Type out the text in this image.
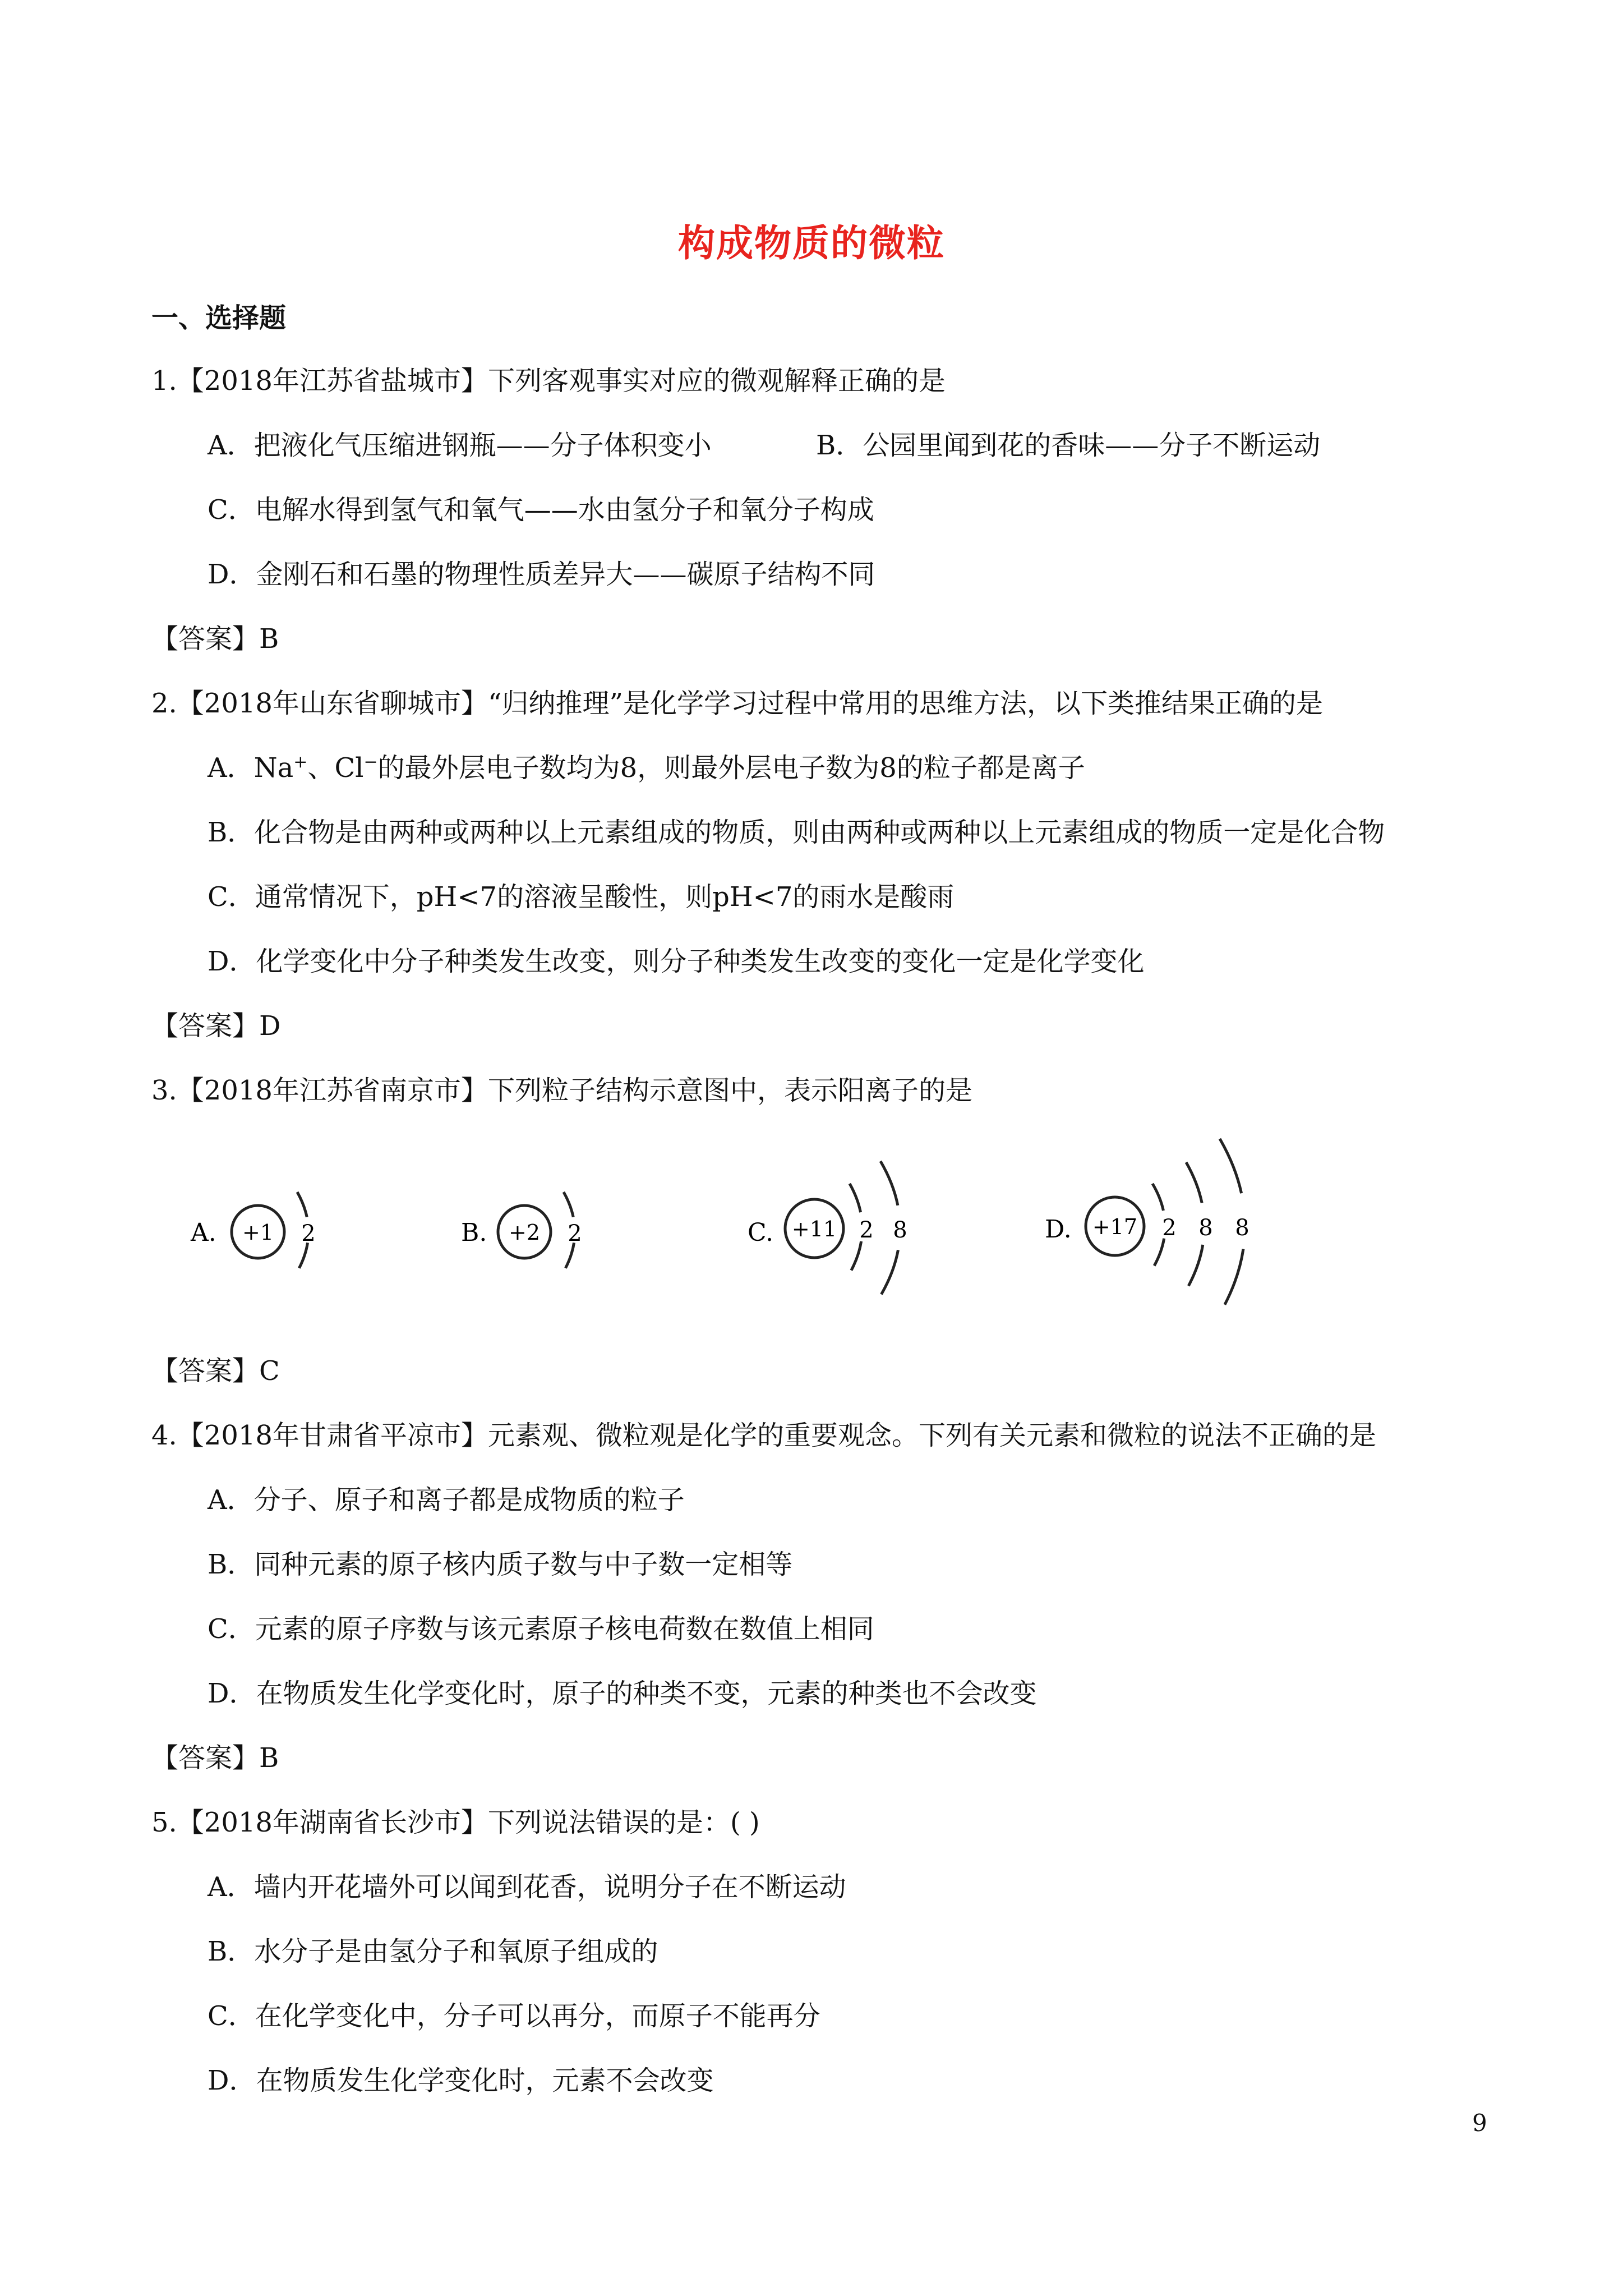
构成物质的微粒
一、选择题
1.【2018年江苏省盐城市】下列客观事实对应的微观解释正确的是
A．把液化气压缩进钢瓶——分子体积变小	B．公园里闻到花的香味——分子不断运动
C．电解水得到氢气和氧气——水由氢分子和氧分子构成
D．金刚石和石墨的物理性质差异大——碳原子结构不同
【答案】B
2.【2018年山东省聊城市】“归纳推理”是化学学习过程中常用的思维方法，以下类推结果正确的是
A．Na+、Cl−的最外层电子数均为8，则最外层电子数为8的粒子都是离子
B．化合物是由两种或两种以上元素组成的物质，则由两种或两种以上元素组成的物质一定是化合物
C．通常情况下，pH<7的溶液呈酸性，则pH<7的雨水是酸雨
D．化学变化中分子种类发生改变，则分子种类发生改变的变化一定是化学变化
【答案】D
3.【2018年江苏省南京市】下列粒子结构示意图中，表示阳离子的是
A. +1 2	B. +2 2	C. +11 2 8	D. +17 2 8 8
【答案】C
4.【2018年甘肃省平凉市】元素观、微粒观是化学的重要观念。下列有关元素和微粒的说法不正确的是
A．分子、原子和离子都是成物质的粒子
B．同种元素的原子核内质子数与中子数一定相等
C．元素的原子序数与该元素原子核电荷数在数值上相同
D．在物质发生化学变化时，原子的种类不变，元素的种类也不会改变
【答案】B
5.【2018年湖南省长沙市】下列说法错误的是：( )
A．墙内开花墙外可以闻到花香，说明分子在不断运动
B．水分子是由氢分子和氧原子组成的
C．在化学变化中，分子可以再分，而原子不能再分
D．在物质发生化学变化时，元素不会改变
9
